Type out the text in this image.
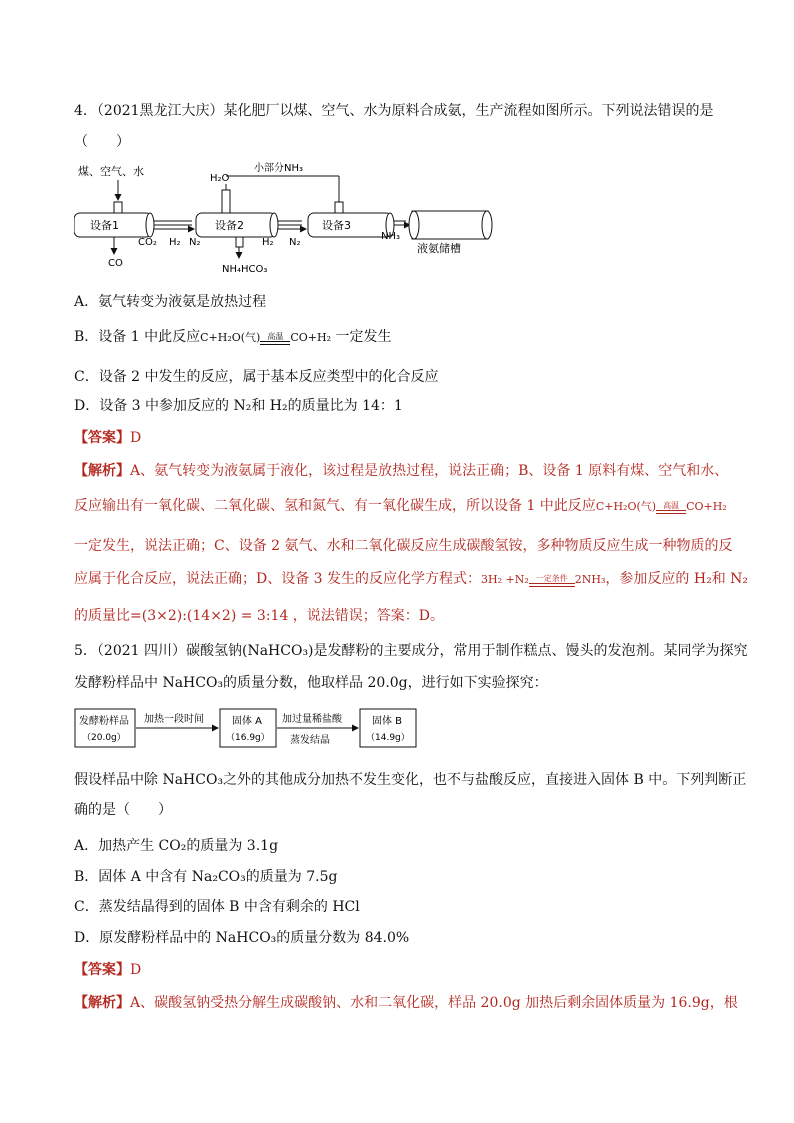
4．（2021黑龙江大庆）某化肥厂以煤、空气、水为原料合成氨，生产流程如图所示。下列说法错误的是
（　　）
煤、空气、水
设备1
CO
CO₂ H₂ N₂
H₂O
设备2
小部分NH₃
NH₄HCO₃
H₂ N₂
设备3
NH₃
液氨储槽
A．氨气转变为液氨是放热过程
B．设备 1 中此反应C+H₂O(气) 高温 CO+H₂ 一定发生
C．设备 2 中发生的反应，属于基本反应类型中的化合反应
D．设备 3 中参加反应的 N₂和 H₂的质量比为 14：1
【答案】D
【解析】A、氨气转变为液氨属于液化，该过程是放热过程，说法正确；B、设备 1 原料有煤、空气和水、
反应输出有一氧化碳、二氧化碳、氢和氮气、有一氧化碳生成，所以设备 1 中此反应C+H₂O(气) 高温 CO+H₂
一定发生，说法正确；C、设备 2 氨气、水和二氧化碳反应生成碳酸氢铵，多种物质反应生成一种物质的反
应属于化合反应，说法正确；D、设备 3 发生的反应化学方程式：3H₂ +N₂ 一定条件 2NH₃，参加反应的 H₂和 N₂
的质量比=(3×2):(14×2) = 3:14 ，说法错误；答案：D。
5．（2021 四川）碳酸氢钠(NaHCO₃)是发酵粉的主要成分，常用于制作糕点、馒头的发泡剂。某同学为探究
发酵粉样品中 NaHCO₃的质量分数，他取样品 20.0g，进行如下实验探究：
发酵粉样品
（20.0g）
加热一段时间	固体 A
（16.9g）
加过量稀盐酸
蒸发结晶
固体 B
（14.9g）
假设样品中除 NaHCO₃之外的其他成分加热不发生变化，也不与盐酸反应，直接进入固体 B 中。下列判断正
确的是（　　）
A．加热产生 CO₂的质量为 3.1g
B．固体 A 中含有 Na₂CO₃的质量为 7.5g
C．蒸发结晶得到的固体 B 中含有剩余的 HCl
D．原发酵粉样品中的 NaHCO₃的质量分数为 84.0%
【答案】D
【解析】A、碳酸氢钠受热分解生成碳酸钠、水和二氧化碳，样品 20.0g 加热后剩余固体质量为 16.9g，根
